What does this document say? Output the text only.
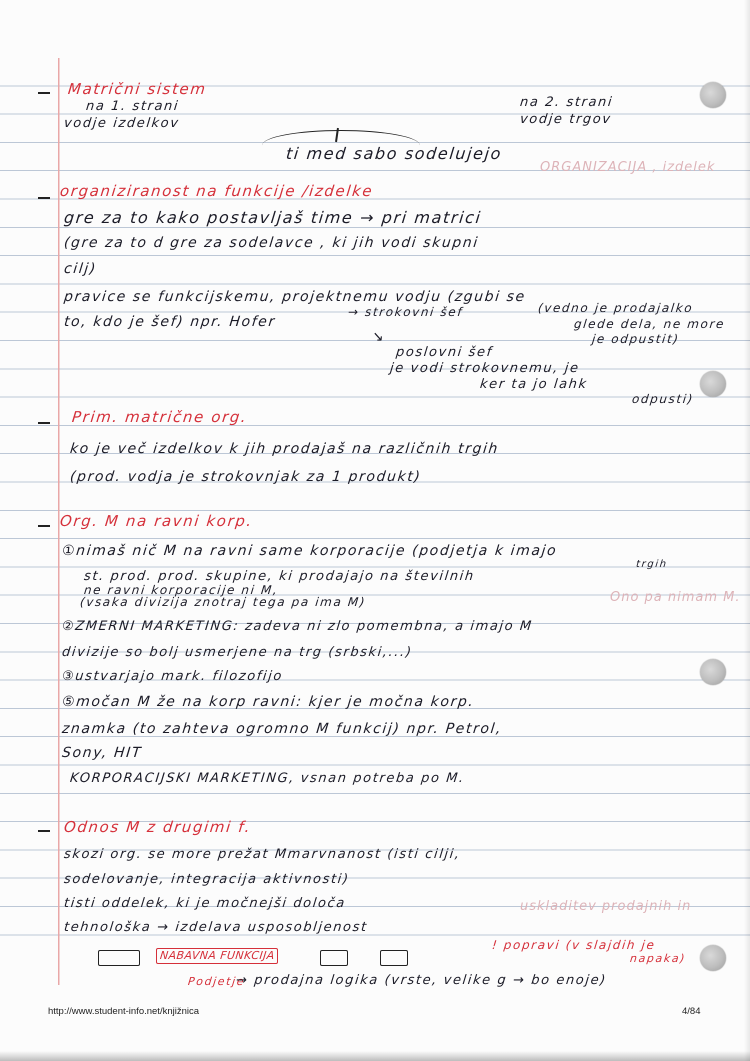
ORGANIZACIJA , izdelek
Ono pa nimam M.
uskladitev prodajnih in
Matrični sistem
na 1. strani	na 2. strani
vodje izdelkov	vodje trgov
ti med sabo sodelujejo
organiziranost na funkcije /izdelke
gre za to kako postavljaš time → pri matrici
(gre za to d gre za sodelavce , ki jih vodi skupni
cilj)
pravice se funkcijskemu, projektnemu vodju (zgubi se
to, kdo je šef) npr. Hofer
→ strokovni šef	(vedno je prodajalko
glede dela, ne more
je odpustit)
↘
poslovni šef
je vodi strokovnemu, je
ker ta jo lahk
odpusti)
Prim. matrične org.
ko je več izdelkov k jih prodajaš na različnih trgih
(prod. vodja je strokovnjak za 1 produkt)
Org. M na ravni korp.
①nimaš nič M na ravni same korporacije (podjetja k imajo
st. prod. prod. skupine, ki prodajajo na številnih
trgih
ne ravni korporacije ni M,
(vsaka divizija znotraj tega pa ima M)
②ZMERNI MARKETING: zadeva ni zlo pomembna, a imajo M
divizije so bolj usmerjene na trg (srbski,...)
③ustvarjajo mark. filozofijo
⑤močan M že na korp ravni: kjer je močna korp.
znamka (to zahteva ogromno M funkcij) npr. Petrol,
Sony, HIT
KORPORACIJSKI MARKETING, vsnan potreba po M.
Odnos M z drugimi f.
skozi org. se more prežat Mmarvnanost (isti cilji,
sodelovanje, integracija aktivnosti)
tisti oddelek, ki je močnejši določa
tehnološka → izdelava usposobljenost
NABAVNA FUNKCIJA
! popravi (v slajdih je
napaka)
Podjetje
→ prodajna logika (vrste, velike g → bo enoje)
http://www.student-info.net/knjižnica	4/84
